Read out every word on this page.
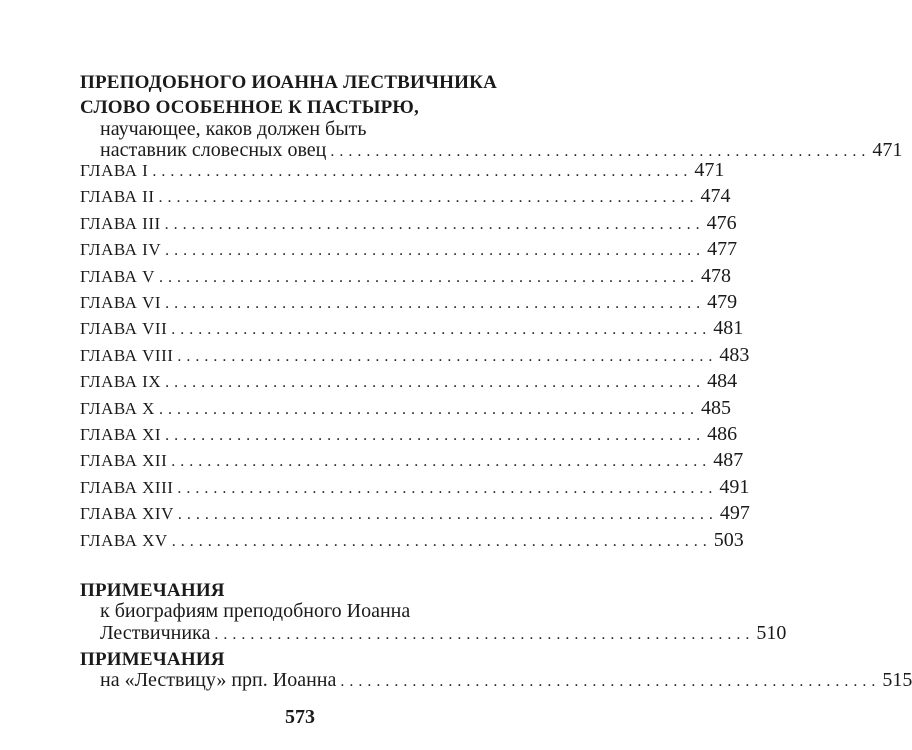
ПРЕПОДОБНОГО ИОАННА ЛЕСТВИЧНИКА
СЛОВО ОСОБЕННОЕ К ПАСТЫРЮ,
научающее, каков должен быть
наставник словесных овец ............................................................ 471
ГЛАВА I ............................................................ 471
ГЛАВА II ............................................................ 474
ГЛАВА III ............................................................ 476
ГЛАВА IV ............................................................ 477
ГЛАВА V ............................................................ 478
ГЛАВА VI ............................................................ 479
ГЛАВА VII ............................................................ 481
ГЛАВА VIII ............................................................ 483
ГЛАВА IX ............................................................ 484
ГЛАВА X ............................................................ 485
ГЛАВА XI ............................................................ 486
ГЛАВА XII ............................................................ 487
ГЛАВА XIII ............................................................ 491
ГЛАВА XIV ............................................................ 497
ГЛАВА XV ............................................................ 503
ПРИМЕЧАНИЯ
к биографиям преподобного Иоанна
Лествичника ............................................................ 510
ПРИМЕЧАНИЯ
на «Лествицу» прп. Иоанна ............................................................ 515
573
